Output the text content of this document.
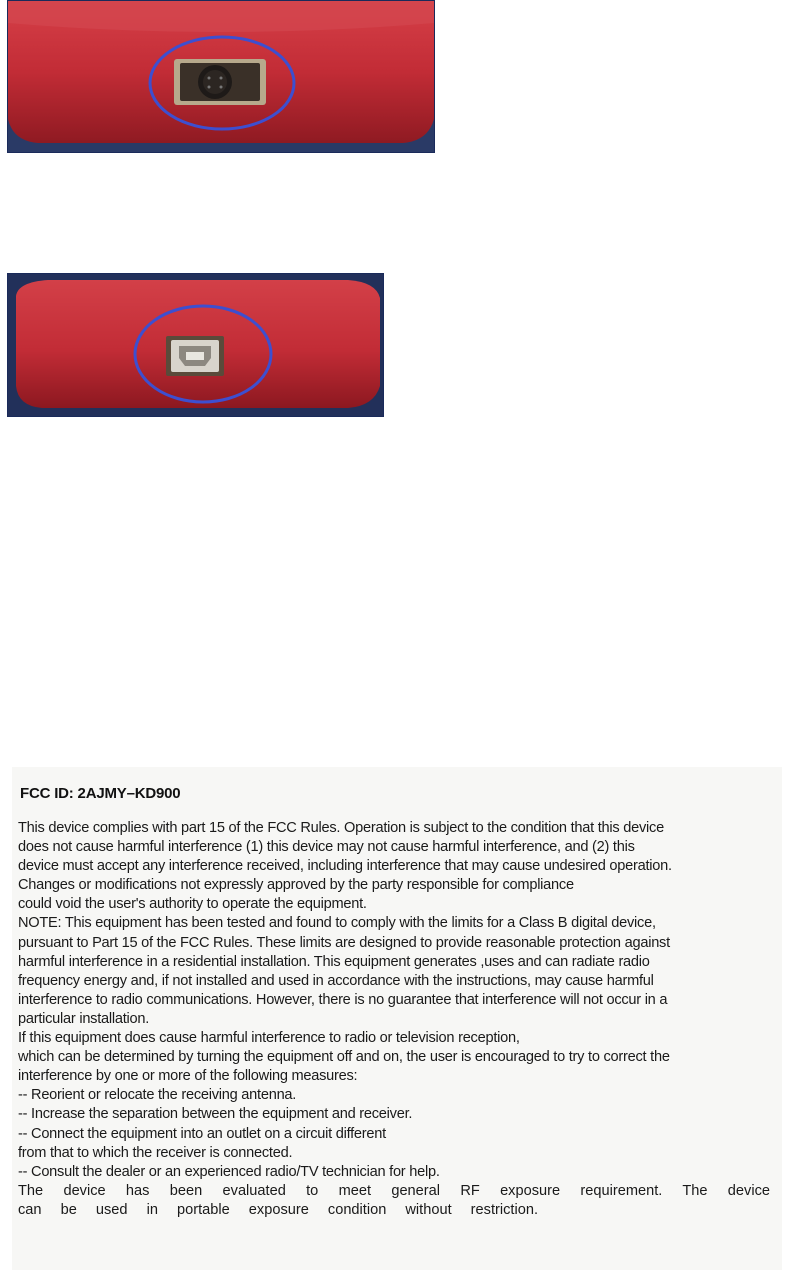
FCC ID: 2AJMY–KD900
This device complies with part 15 of the FCC Rules. Operation is subject to the condition that this device
does not cause harmful interference (1) this device may not cause harmful interference, and (2) this
device must accept any interference received, including interference that may cause undesired operation.
Changes or modifications not expressly approved by the party responsible for compliance
could void the user's authority to operate the equipment.
NOTE: This equipment has been tested and found to comply with the limits for a Class B digital device,
pursuant to Part 15 of the FCC Rules. These limits are designed to provide reasonable protection against
harmful interference in a residential installation. This equipment generates ,uses and can radiate radio
frequency energy and, if not installed and used in accordance with the instructions, may cause harmful
interference to radio communications. However, there is no guarantee that interference will not occur in a
particular installation.
If this equipment does cause harmful interference to radio or television reception,
which can be determined by turning the equipment off and on, the user is encouraged to try to correct the
interference by one or more of the following measures:
-- Reorient or relocate the receiving antenna.
-- Increase the separation between the equipment and receiver.
-- Connect the equipment into an outlet on a circuit different
from that to which the receiver is connected.
-- Consult the dealer or an experienced radio/TV technician for help.
The device has been evaluated to meet general RF exposure requirement. The device
can be used in portable exposure condition without restriction.
